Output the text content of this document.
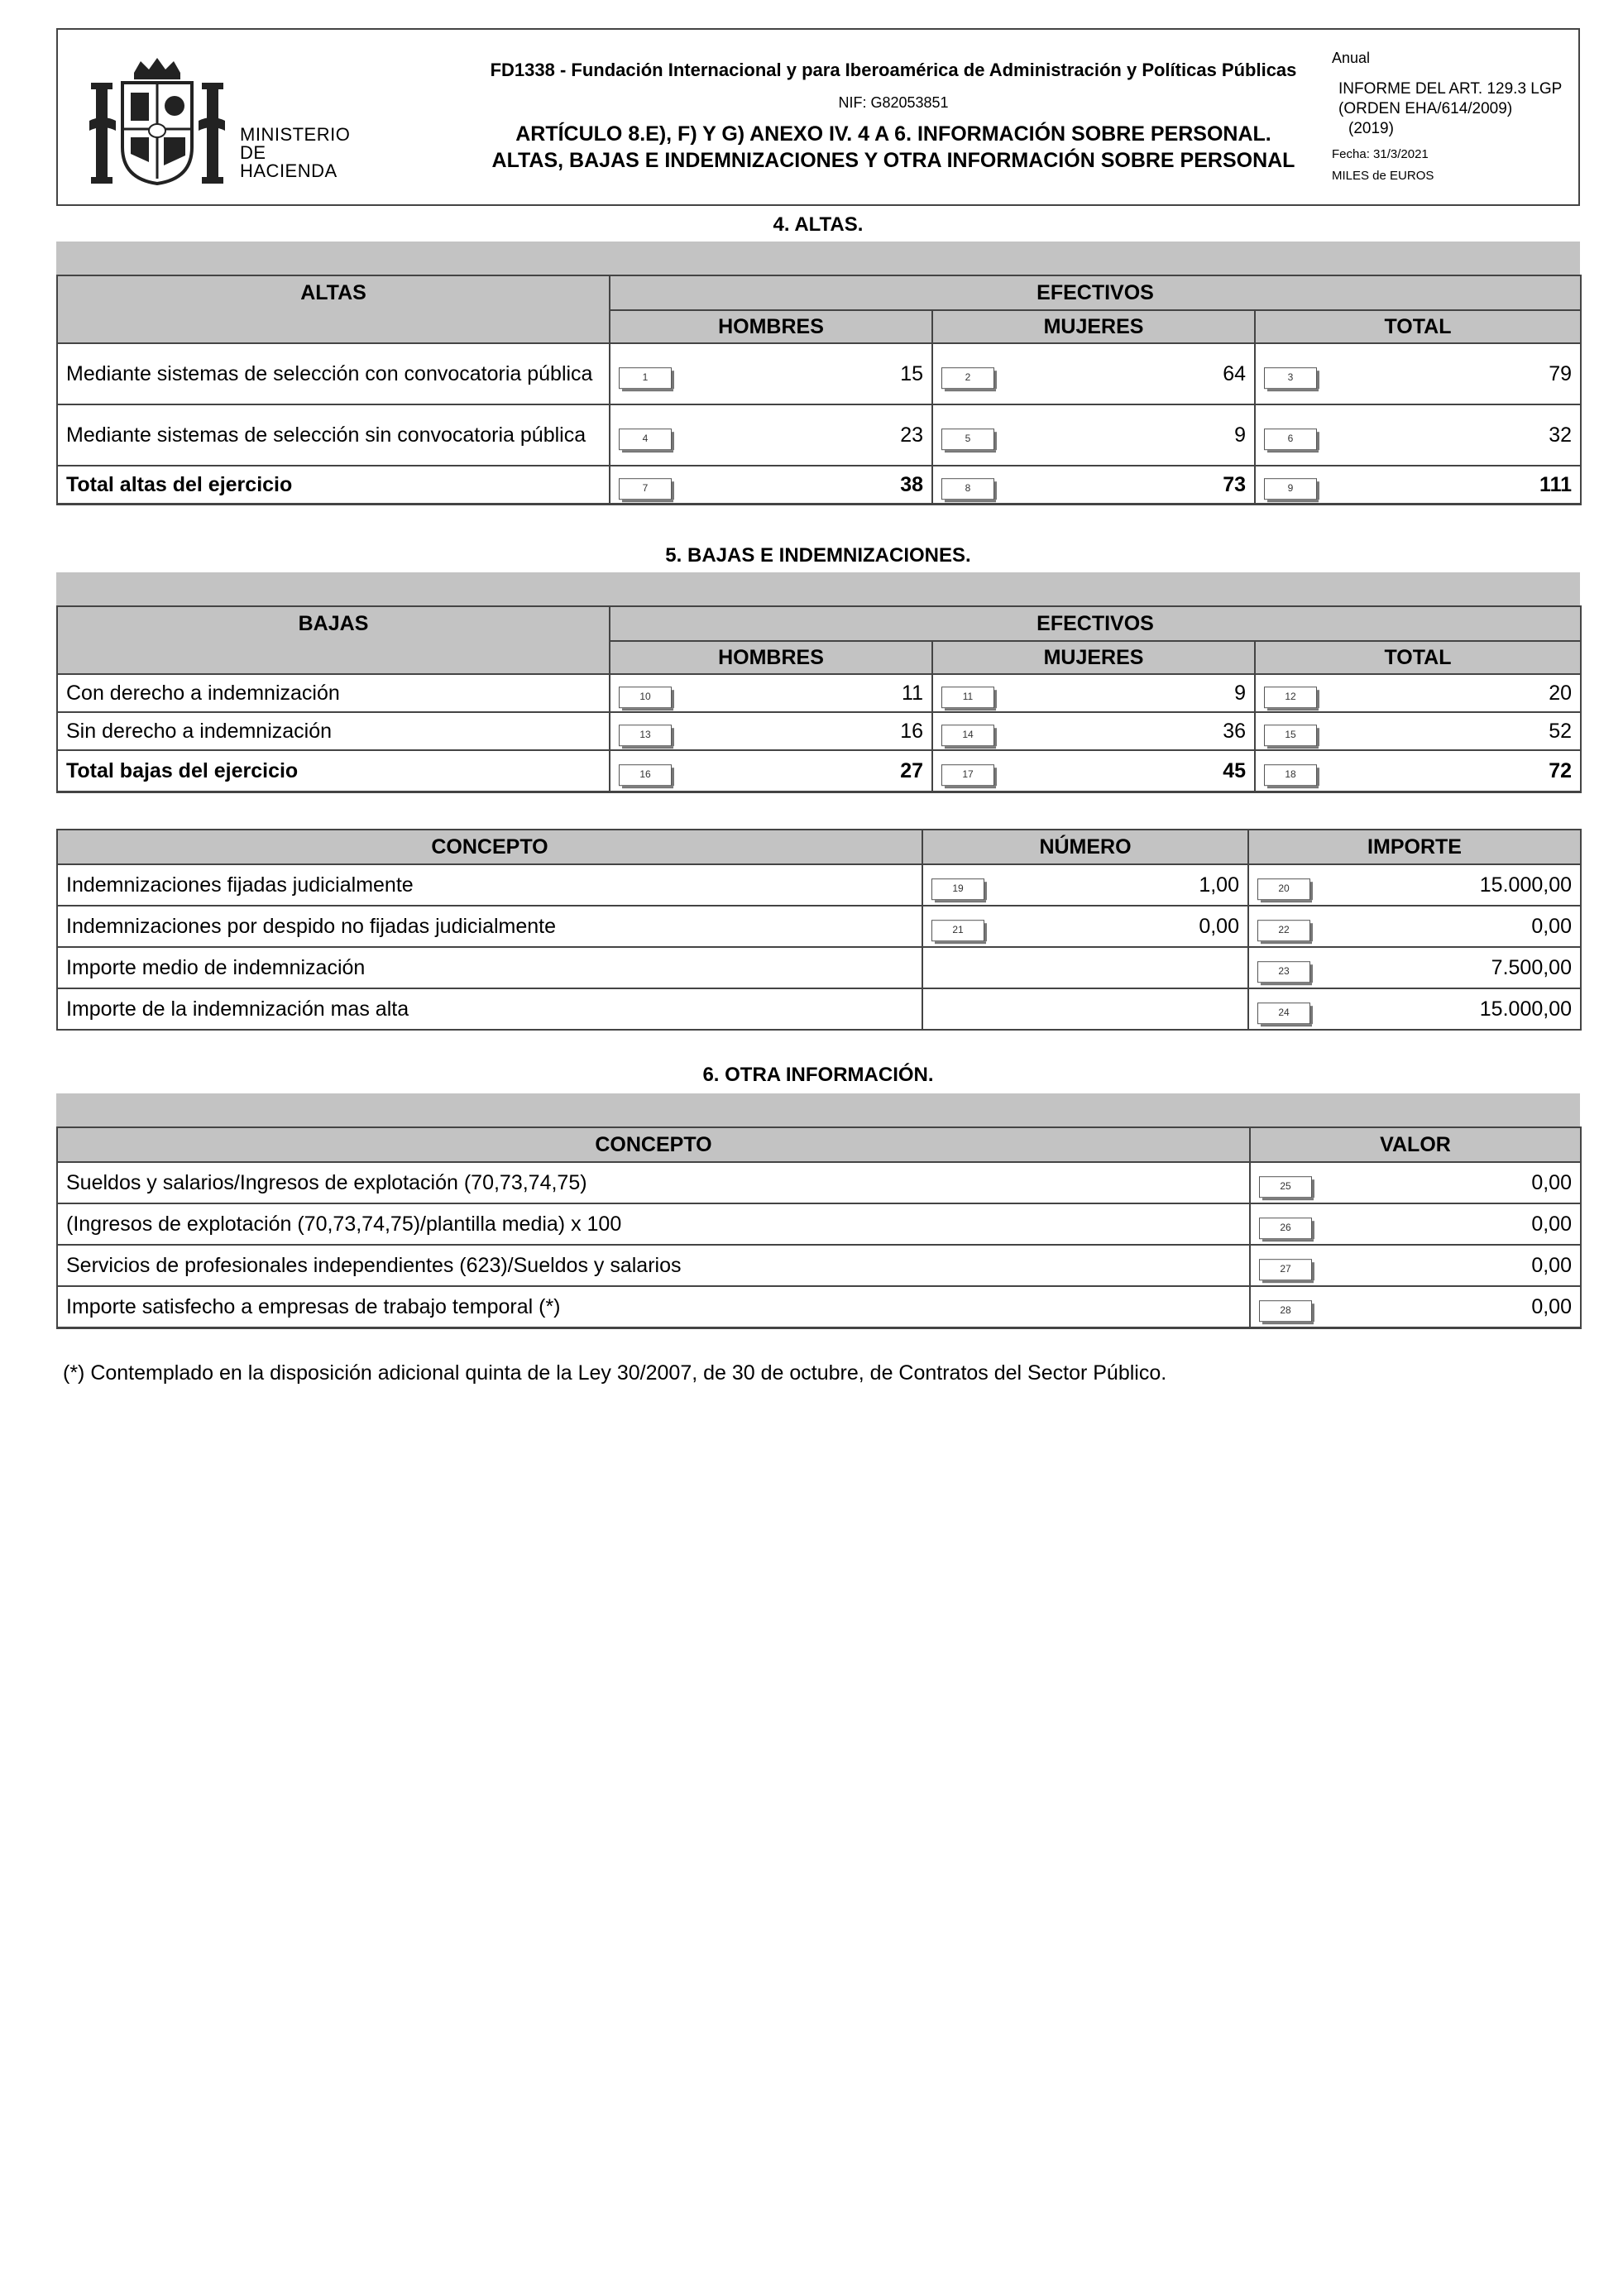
MINISTERIO
DE HACIENDA
FD1338 - Fundación Internacional y para Iberoamérica de Administración y Políticas Públicas
NIF: G82053851
ARTÍCULO 8.E), F) Y G) ANEXO IV. 4 A 6. INFORMACIÓN SOBRE PERSONAL.
ALTAS, BAJAS E INDEMNIZACIONES Y OTRA INFORMACIÓN SOBRE PERSONAL
Anual
INFORME DEL ART. 129.3 LGP
(ORDEN EHA/614/2009)
(2019)
Fecha: 31/3/2021
MILES de EUROS
4. ALTAS.
ALTAS	EFECTIVOS		
	HOMBRES	MUJERES	TOTAL
Mediante sistemas de selección con convocatoria pública	1 15	2 64	3 79

Mediante sistemas de selección sin convocatoria pública	4 23	5 9	6 32

Total altas del ejercicio	7 38	8 73	9 111
5. BAJAS E INDEMNIZACIONES.
BAJAS	EFECTIVOS		
	HOMBRES	MUJERES	TOTAL
Con derecho a indemnización	10 11	11 9	12 20

Sin derecho a indemnización	13 16	14 36	15 52

Total bajas del ejercicio	16 27	17 45	18 72
CONCEPTO	NÚMERO	IMPORTE
Indemnizaciones fijadas judicialmente	19 1,00	20 15.000,00

Indemnizaciones por despido no fijadas judicialmente	21 0,00	22 0,00

Importe medio de indemnización		23 7.500,00

Importe de la indemnización mas alta		24 15.000,00
6. OTRA INFORMACIÓN.
CONCEPTO	VALOR
Sueldos y salarios/Ingresos de explotación (70,73,74,75)	25 0,00

(Ingresos de explotación (70,73,74,75)/plantilla media) x 100	26 0,00

Servicios de profesionales independientes (623)/Sueldos y salarios	27 0,00

Importe satisfecho a empresas de trabajo temporal (*)	28 0,00
(*) Contemplado en la disposición adicional quinta de la Ley 30/2007, de 30 de octubre, de Contratos del Sector Público.
